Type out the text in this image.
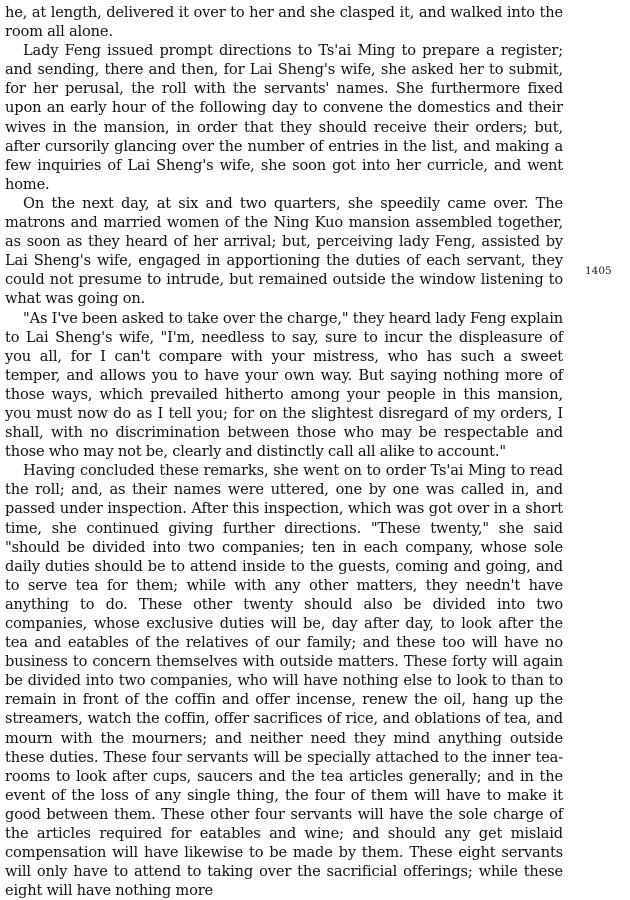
he, at length, delivered it over to her and she clasped it, and walked into the room all alone.

Lady Feng issued prompt directions to Ts'ai Ming to prepare a register; and sending, there and then, for Lai Sheng's wife, she asked her to submit, for her perusal, the roll with the servants' names. She furthermore fixed upon an early hour of the following day to convene the domestics and their wives in the mansion, in order that they should receive their orders; but, after cursorily glancing over the number of entries in the list, and making a few inquiries of Lai Sheng's wife, she soon got into her curricle, and went home.

On the next day, at six and two quarters, she speedily came over. The matrons and married women of the Ning Kuo mansion assembled together, as soon as they heard of her arrival; but, perceiving lady Feng, assisted by Lai Sheng's wife, engaged in apportioning the duties of each servant, they could not presume to intrude, but remained outside the window listening to what was going on.

"As I've been asked to take over the charge," they heard lady Feng explain to Lai Sheng's wife, "I'm, needless to say, sure to incur the displeasure of you all, for I can't compare with your mistress, who has such a sweet temper, and allows you to have your own way. But saying nothing more of those ways, which prevailed hitherto among your people in this mansion, you must now do as I tell you; for on the slightest disregard of my orders, I shall, with no discrimination between those who may be respectable and those who may not be, clearly and distinctly call all alike to account."

Having concluded these remarks, she went on to order Ts'ai Ming to read the roll; and, as their names were uttered, one by one was called in, and passed under inspection. After this inspection, which was got over in a short time, she continued giving further directions. "These twenty," she said "should be divided into two companies; ten in each company, whose sole daily duties should be to attend inside to the guests, coming and going, and to serve tea for them; while with any other matters, they needn't have anything to do. These other twenty should also be divided into two companies, whose exclusive duties will be, day after day, to look after the tea and eatables of the relatives of our family; and these too will have no business to concern themselves with outside matters. These forty will again be divided into two companies, who will have nothing else to look to than to remain in front of the coffin and offer incense, renew the oil, hang up the streamers, watch the coffin, offer sacrifices of rice, and oblations of tea, and mourn with the mourners; and neither need they mind anything outside these duties. These four servants will be specially attached to the inner tea-rooms to look after cups, saucers and the tea articles generally; and in the event of the loss of any single thing, the four of them will have to make it good between them. These other four servants will have the sole charge of the articles required for eatables and wine; and should any get mislaid compensation will have likewise to be made by them. These eight servants will only have to attend to taking over the sacrificial offerings; while these eight will have nothing more

1405
